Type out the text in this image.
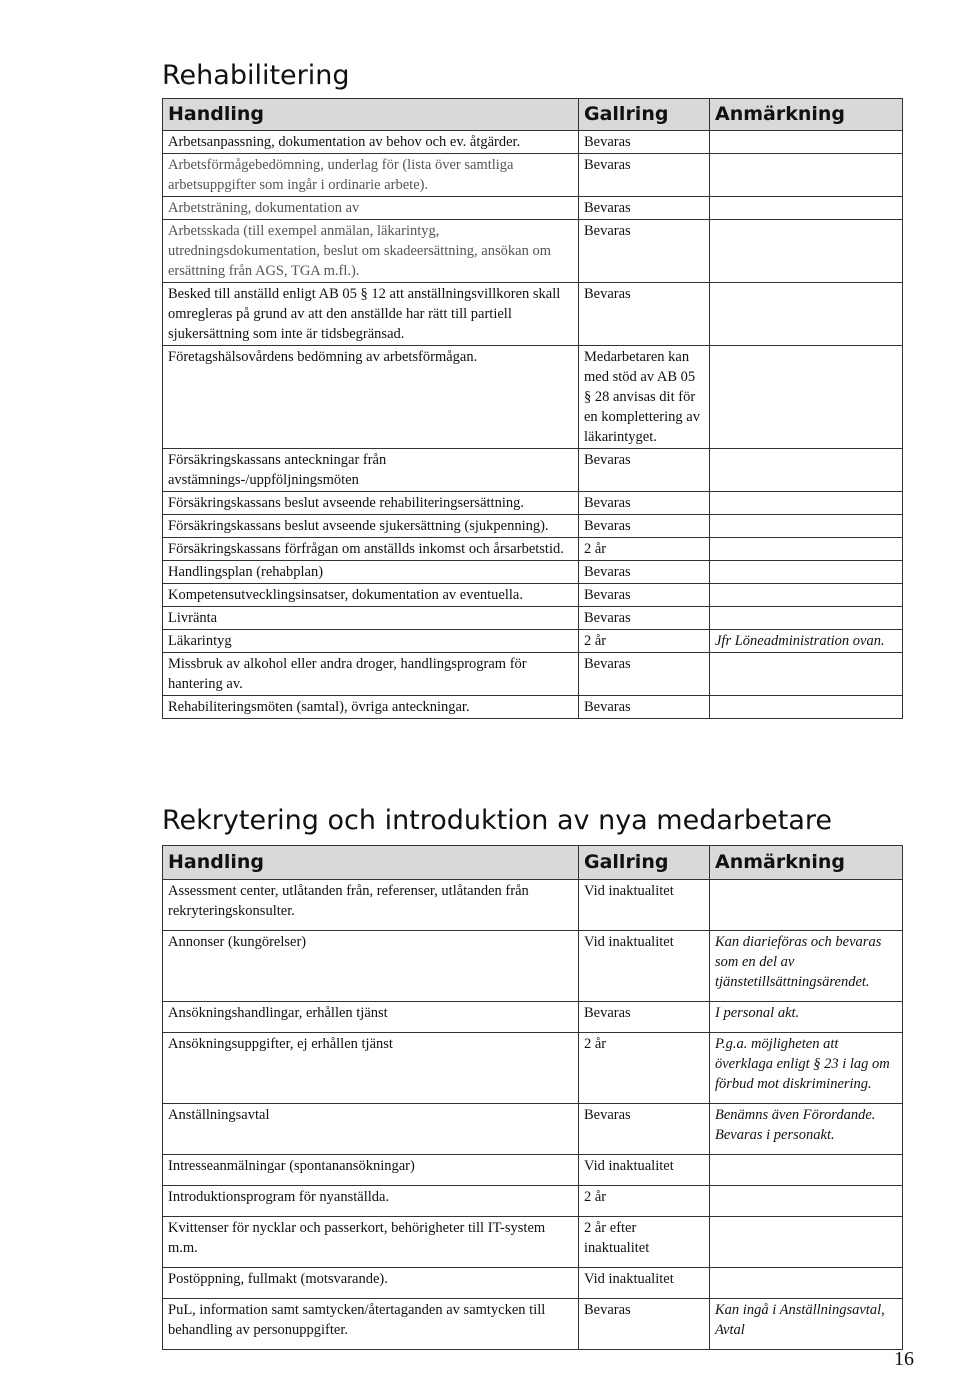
Rehabilitering
Handling	Gallring	Anmärkning
Arbetsanpassning, dokumentation av behov och ev. åtgärder.	Bevaras	
Arbetsförmågebedömning, underlag för (lista över samtliga arbetsuppgifter som ingår i ordinarie arbete).	Bevaras	
Arbetsträning, dokumentation av	Bevaras	
Arbetsskada (till exempel anmälan, läkarintyg, utredningsdokumentation, beslut om skadeersättning, ansökan om ersättning från AGS, TGA m.fl.).	Bevaras	
Besked till anställd enligt AB 05 § 12 att anställningsvillkoren skall omregleras på grund av att den anställde har rätt till partiell sjukersättning som inte är tidsbegränsad.	Bevaras	
Företagshälsovårdens bedömning av arbetsförmågan.	Medarbetaren kan med stöd av AB 05 § 28 anvisas dit för en komplettering av läkarintyget.	
Försäkringskassans anteckningar från avstämnings-/uppföljningsmöten	Bevaras	
Försäkringskassans beslut avseende rehabiliteringsersättning.	Bevaras	
Försäkringskassans beslut avseende sjukersättning (sjukpenning).	Bevaras	
Försäkringskassans förfrågan om anställds inkomst och årsarbetstid.	2 år	
Handlingsplan (rehabplan)	Bevaras	
Kompetensutvecklingsinsatser, dokumentation av eventuella.	Bevaras	
Livränta	Bevaras	
Läkarintyg	2 år	Jfr Löneadministration ovan.
Missbruk av alkohol eller andra droger, handlingsprogram för hantering av.	Bevaras	
Rehabiliteringsmöten (samtal), övriga anteckningar.	Bevaras	
Rekrytering och introduktion av nya medarbetare
Handling	Gallring	Anmärkning
Assessment center, utlåtanden från, referenser, utlåtanden från rekryteringskonsulter.	Vid inaktualitet	
Annonser (kungörelser)	Vid inaktualitet	Kan diarieföras och bevaras som en del av tjänstetillsättningsärendet.
Ansökningshandlingar, erhållen tjänst	Bevaras	I personal akt.
Ansökningsuppgifter, ej erhållen tjänst	2 år	P.g.a. möjligheten att överklaga enligt § 23 i lag om förbud mot diskriminering.
Anställningsavtal	Bevaras	Benämns även Förordande. Bevaras i personakt.
Intresseanmälningar (spontanansökningar)	Vid inaktualitet	
Introduktionsprogram för nyanställda.	2 år	
Kvittenser för nycklar och passerkort, behörigheter till IT-system m.m.	2 år efter inaktualitet	
Postöppning, fullmakt (motsvarande).	Vid inaktualitet	
PuL, information samt samtycken/återtaganden av samtycken till behandling av personuppgifter.	Bevaras	Kan ingå i Anställningsavtal, Avtal
16
